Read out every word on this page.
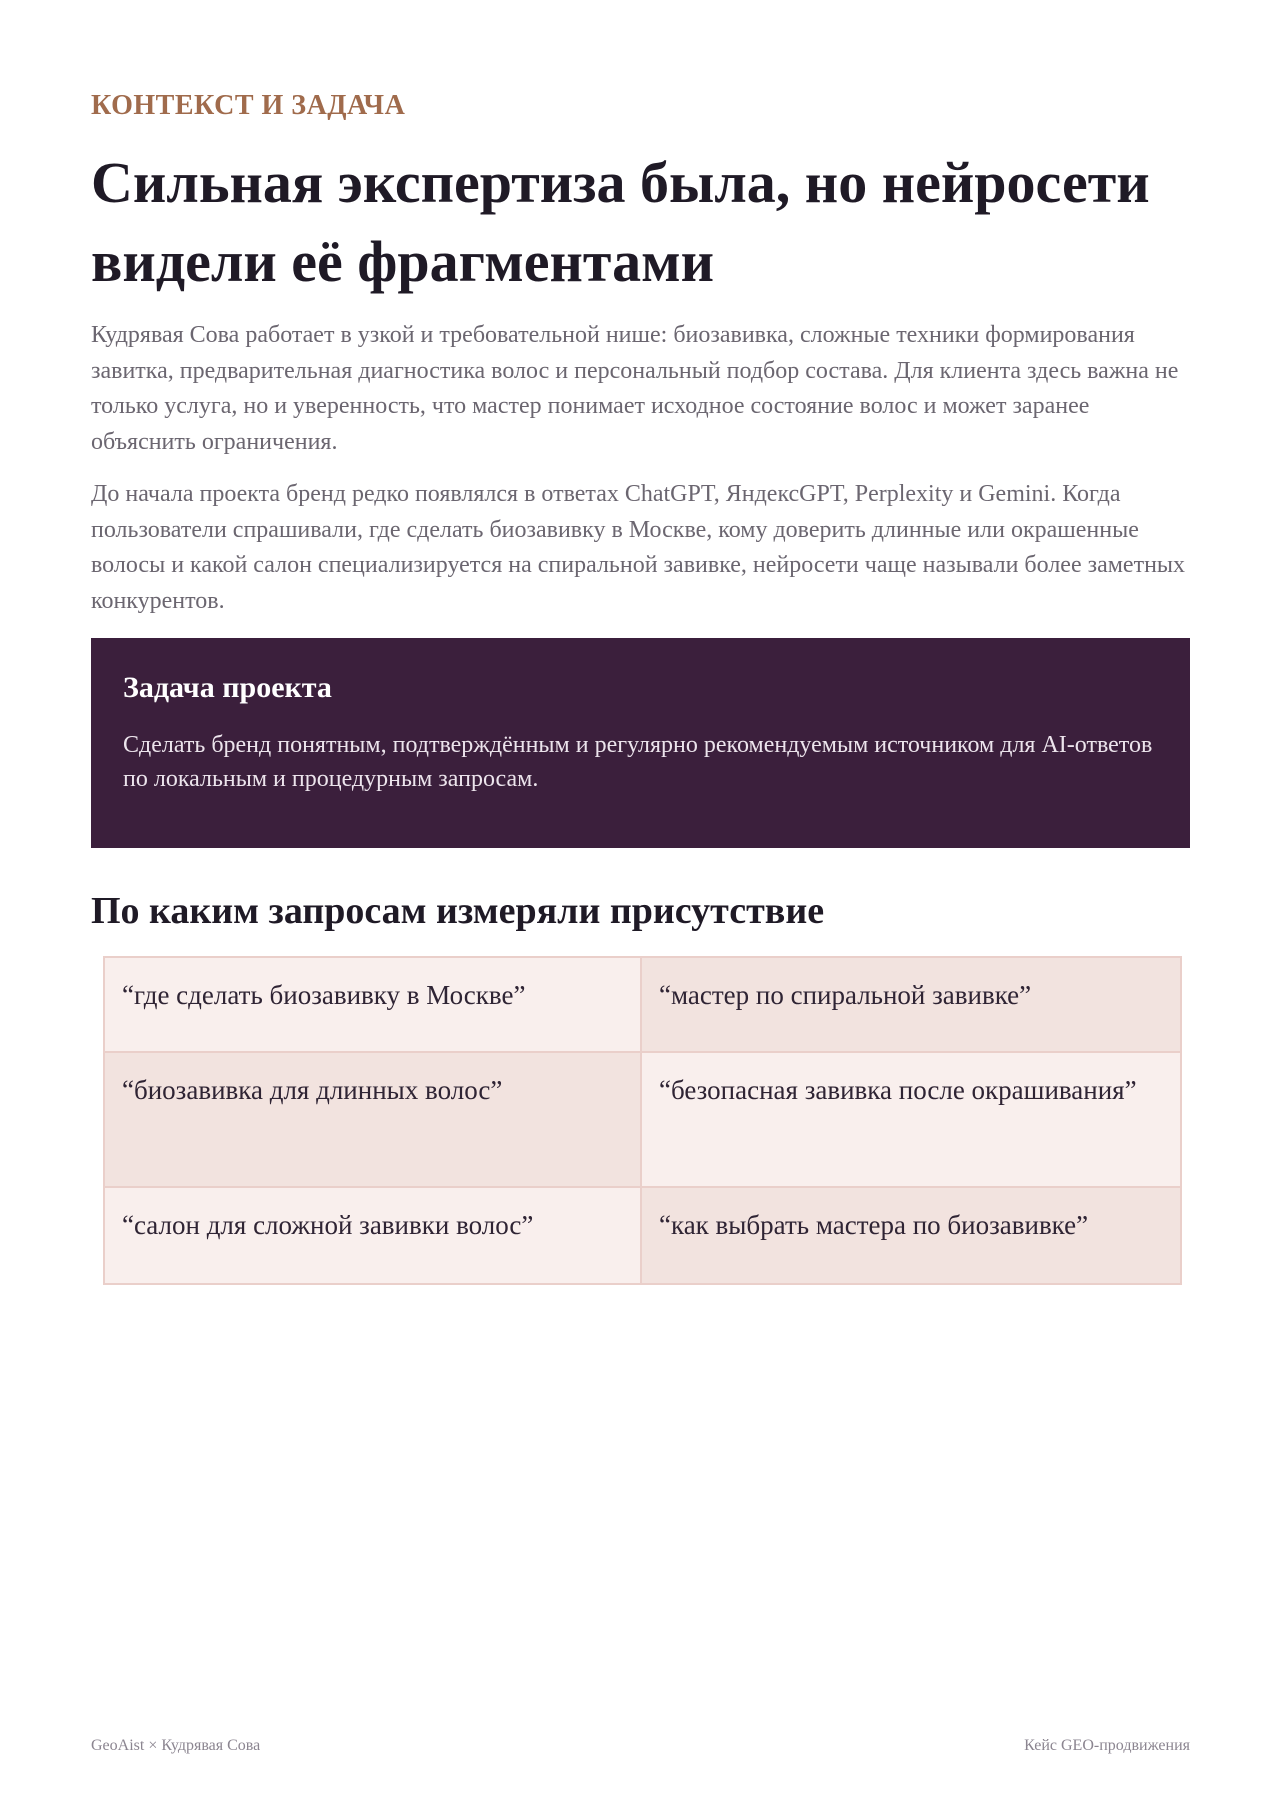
КОНТЕКСТ И ЗАДАЧА
Сильная экспертиза была, но нейросети видели её фрагментами

Кудрявая Сова работает в узкой и требовательной нише: биозавивка, сложные техники формирования завитка, предварительная диагностика волос и персональный подбор состава. Для клиента здесь важна не только услуга, но и уверенность, что мастер понимает исходное состояние волос и может заранее объяснить ограничения.

До начала проекта бренд редко появлялся в ответах ChatGPT, ЯндексGPT, Perplexity и Gemini. Когда пользователи спрашивали, где сделать биозавивку в Москве, кому доверить длинные или окрашенные волосы и какой салон специализируется на спиральной завивке, нейросети чаще называли более заметных конкурентов.

Задача проекта

Сделать бренд понятным, подтверждённым и регулярно рекомендуемым источником для AI-ответов по локальным и процедурным запросам.

По каким запросам измеряли присутствие
“где сделать биозавивку в Москве”	“мастер по спиральной завивке”
“биозавивка для длинных волос”	“безопасная завивка после окрашивания”
“салон для сложной завивки волос”	“как выбрать мастера по биозавивке”
GeoAist × Кудрявая Сова	Кейс GEO-продвижения
